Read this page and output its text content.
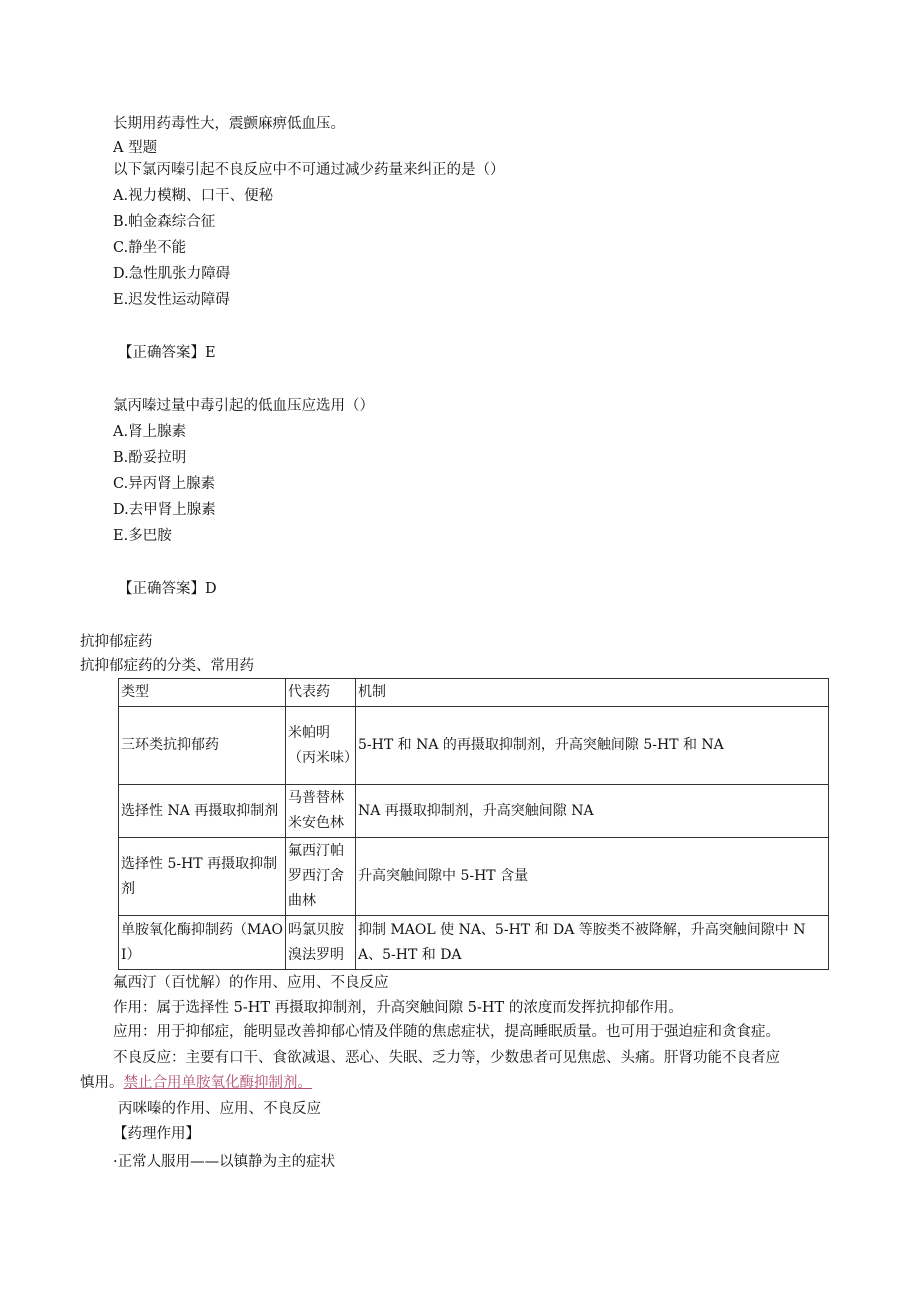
长期用药毒性大，震颤麻痹低血压。
A 型题
以下氯丙嗪引起不良反应中不可通过减少药量来纠正的是（）
A.视力模糊、口干、便秘
B.帕金森综合征
C.静坐不能
D.急性肌张力障碍
E.迟发性运动障碍
【正确答案】E
氯丙嗪过量中毒引起的低血压应选用（）
A.肾上腺素
B.酚妥拉明
C.异丙肾上腺素
D.去甲肾上腺素
E.多巴胺
【正确答案】D
抗抑郁症药
抗抑郁症药的分类、常用药
类型	代表药	机制
三环类抗抑郁药	米帕明（丙米味）	5-HT 和 NA 的再摄取抑制剂，升高突触间隙 5-HT 和 NA
选择性 NA 再摄取抑制剂	马普替林米安色林	NA 再摄取抑制剂，升高突触间隙 NA
选择性 5-HT 再摄取抑制剂	氟西汀帕罗西汀舍曲林	升高突触间隙中 5-HT 含量
单胺氧化酶抑制药（MAOI）	吗氯贝胺溴法罗明	抑制 MAOL 使 NA、5-HT 和 DA 等胺类不被降解，升高突触间隙中 NA、5-HT 和 DA
氟西汀（百忧解）的作用、应用、不良反应
作用：属于选择性 5-HT 再摄取抑制剂，升高突触间隙 5-HT 的浓度而发挥抗抑郁作用。
应用：用于抑郁症，能明显改善抑郁心情及伴随的焦虑症状，提高睡眠质量。也可用于强迫症和贪食症。
不良反应：主要有口干、食欲减退、恶心、失眠、乏力等，少数患者可见焦虑、头痛。肝肾功能不良者应
慎用。禁止合用单胺氧化酶抑制剂。
丙咪嗪的作用、应用、不良反应
【药理作用】
·正常人服用——以镇静为主的症状
